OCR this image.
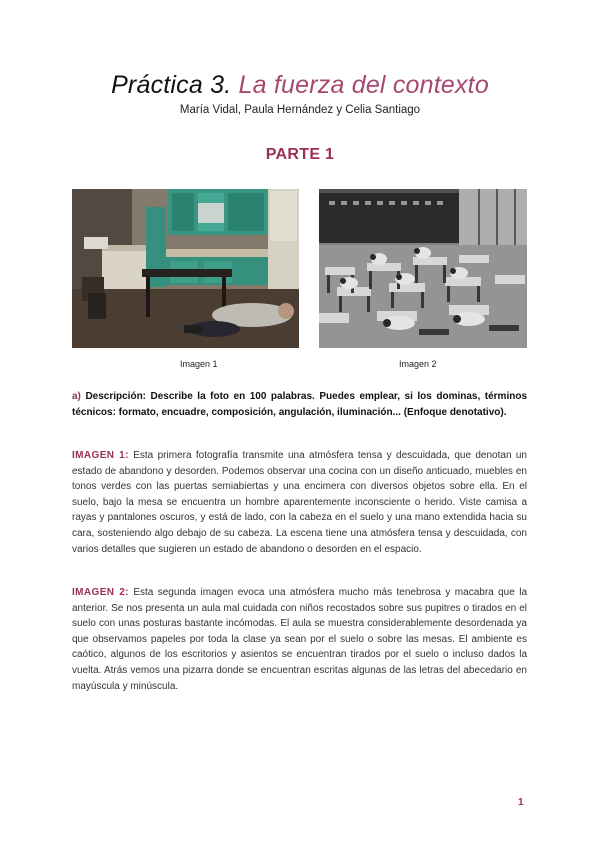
Práctica 3. La fuerza del contexto
María Vidal, Paula Hernández y Celia Santiago
PARTE 1
Imagen 1	Imagen 2
a) Descripción: Describe la foto en 100 palabras. Puedes emplear, si los dominas, términos técnicos: formato, encuadre, composición, angulación, iluminación... (Enfoque denotativo).
IMAGEN 1: Esta primera fotografía transmite una atmósfera tensa y descuidada, que denotan un estado de abandono y desorden. Podemos observar una cocina con un diseño anticuado, muebles en tonos verdes con las puertas semiabiertas y una encimera con diversos objetos sobre ella. En el suelo, bajo la mesa se encuentra un hombre aparentemente inconsciente o herido. Viste camisa a rayas y pantalones oscuros, y está de lado, con la cabeza en el suelo y una mano extendida hacia su cara, sosteniendo algo debajo de su cabeza. La escena tiene una atmósfera tensa y descuidada, con varios detalles que sugieren un estado de abandono o desorden en el espacio.
IMAGEN 2: Esta segunda imagen evoca una atmósfera mucho más tenebrosa y macabra que la anterior. Se nos presenta un aula mal cuidada con niños recostados sobre sus pupitres o tirados en el suelo con unas posturas bastante incómodas. El aula se muestra considerablemente desordenada ya que observamos papeles por toda la clase ya sean por el suelo o sobre las mesas. El ambiente es caótico, algunos de los escritorios y asientos se encuentran tirados por el suelo o incluso dados la vuelta. Atrás vemos una pizarra donde se encuentran escritas algunas de las letras del abecedario en mayúscula y minúscula.
1
